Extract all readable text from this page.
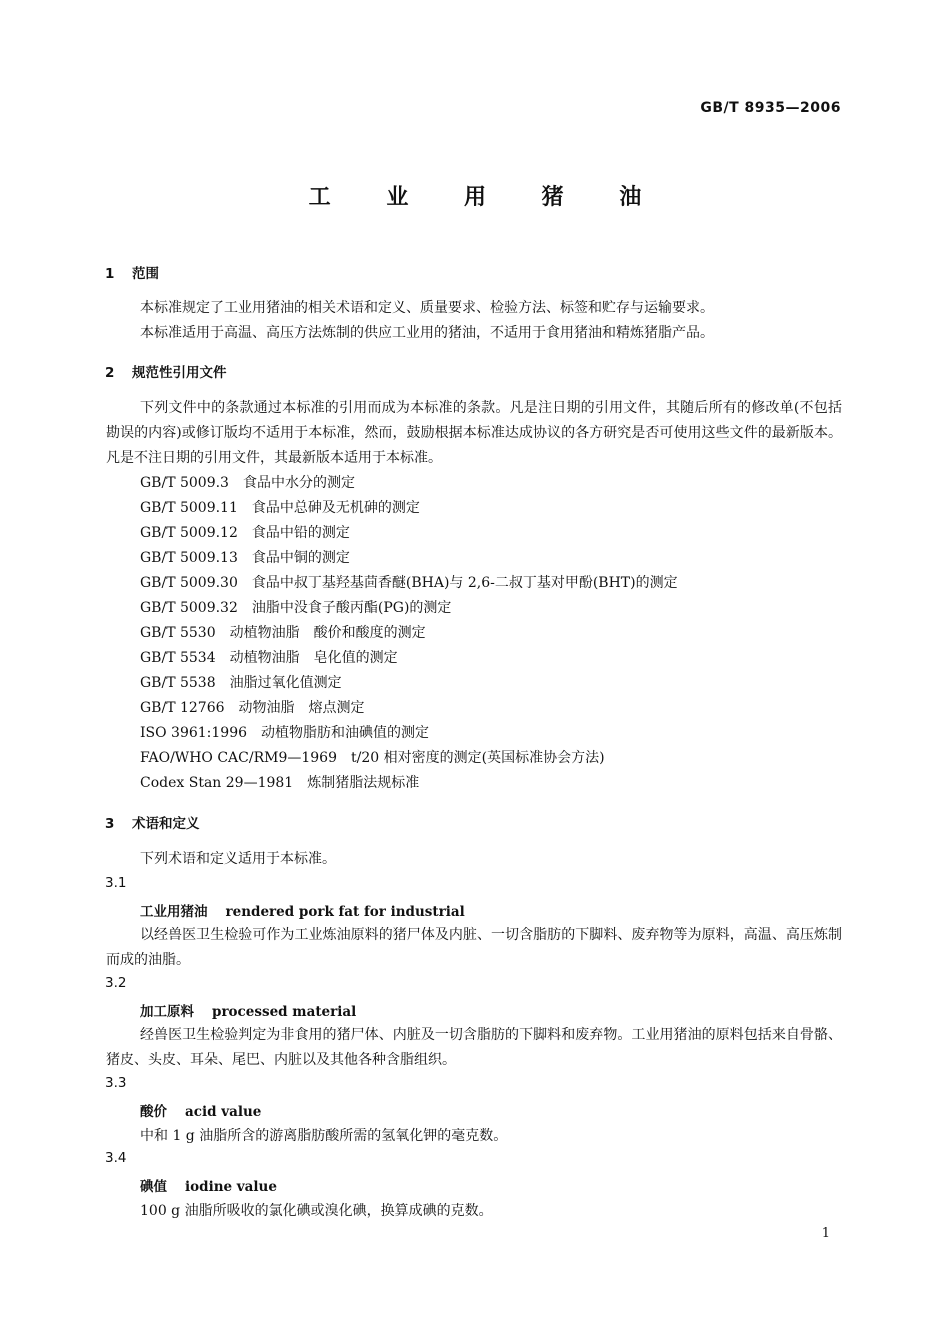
GB/T 8935—2006
工 业 用 猪 油
1 范围
本标准规定了工业用猪油的相关术语和定义、质量要求、检验方法、标签和贮存与运输要求。
本标准适用于高温、高压方法炼制的供应工业用的猪油，不适用于食用猪油和精炼猪脂产品。
2 规范性引用文件
下列文件中的条款通过本标准的引用而成为本标准的条款。凡是注日期的引用文件，其随后所有的修改单(不包括勘误的内容)或修订版均不适用于本标准，然而，鼓励根据本标准达成协议的各方研究是否可使用这些文件的最新版本。凡是不注日期的引用文件，其最新版本适用于本标准。
GB/T 5009.3 食品中水分的测定
GB/T 5009.11 食品中总砷及无机砷的测定
GB/T 5009.12 食品中铅的测定
GB/T 5009.13 食品中铜的测定
GB/T 5009.30 食品中叔丁基羟基茴香醚(BHA)与 2,6-二叔丁基对甲酚(BHT)的测定
GB/T 5009.32 油脂中没食子酸丙酯(PG)的测定
GB/T 5530 动植物油脂　酸价和酸度的测定
GB/T 5534 动植物油脂　皂化值的测定
GB/T 5538 油脂过氧化值测定
GB/T 12766 动物油脂　熔点测定
ISO 3961:1996 动植物脂肪和油碘值的测定
FAO/WHO CAC/RM9—1969 t/20 相对密度的测定(英国标准协会方法)
Codex Stan 29—1981 炼制猪脂法规标准
3 术语和定义
下列术语和定义适用于本标准。
3.1
工业用猪油 rendered pork fat for industrial
以经兽医卫生检验可作为工业炼油原料的猪尸体及内脏、一切含脂肪的下脚料、废弃物等为原料，高温、高压炼制而成的油脂。
3.2
加工原料 processed material
经兽医卫生检验判定为非食用的猪尸体、内脏及一切含脂肪的下脚料和废弃物。工业用猪油的原料包括来自骨骼、猪皮、头皮、耳朵、尾巴、内脏以及其他各种含脂组织。
3.3
酸价 acid value
中和 1 g 油脂所含的游离脂肪酸所需的氢氧化钾的毫克数。
3.4
碘值 iodine value
100 g 油脂所吸收的氯化碘或溴化碘，换算成碘的克数。
1
